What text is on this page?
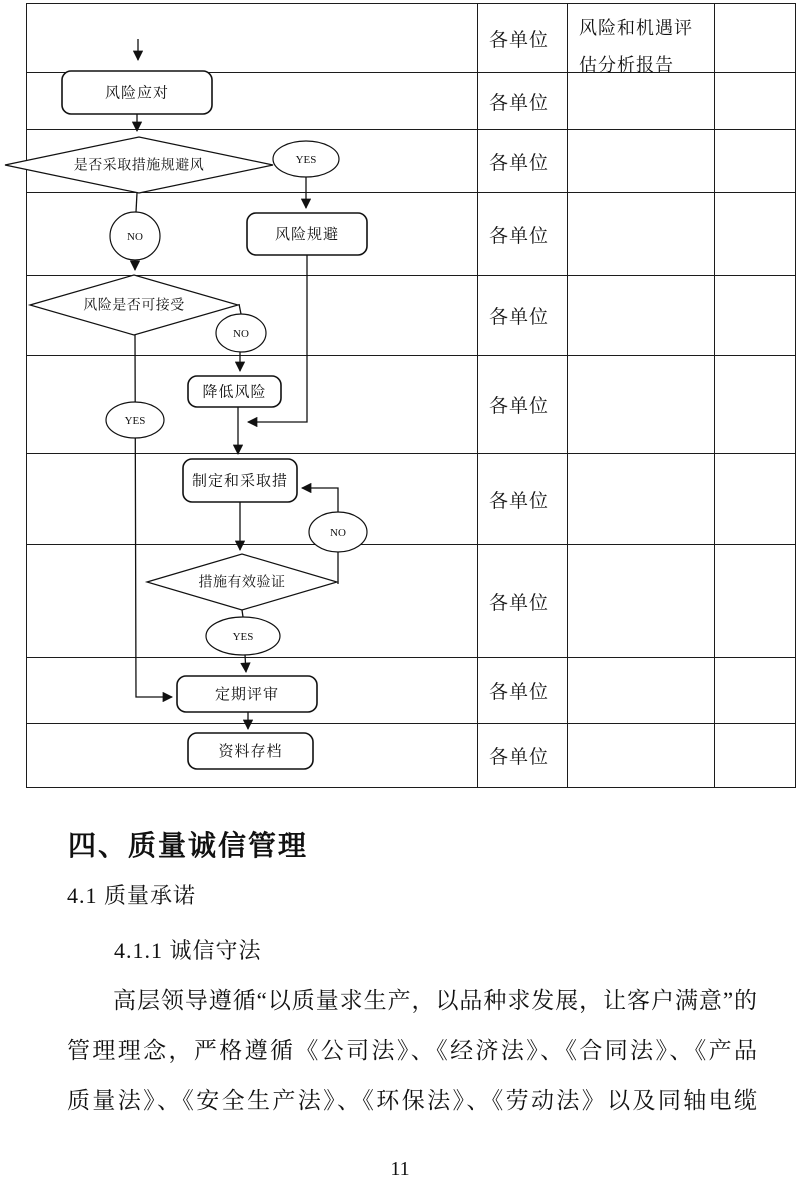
各单位
风险和机遇评估分析报告
各单位
各单位
各单位
各单位
各单位
各单位
各单位
各单位
各单位
风险应对
是否采取措施规避风	YES
风险规避
NO
风险是否可接受
NO
降低风险
YES
制定和采取措
NO
措施有效验证
YES
定期评审
资料存档
四、质量诚信管理
4.1 质量承诺
4.1.1 诚信守法
高层领导遵循“以质量求生产，以品种求发展，让客户满意”的
管理理念，严格遵循《公司法》、《经济法》、《合同法》、《产品
质量法》、《安全生产法》、《环保法》、《劳动法》以及同轴电缆
11
